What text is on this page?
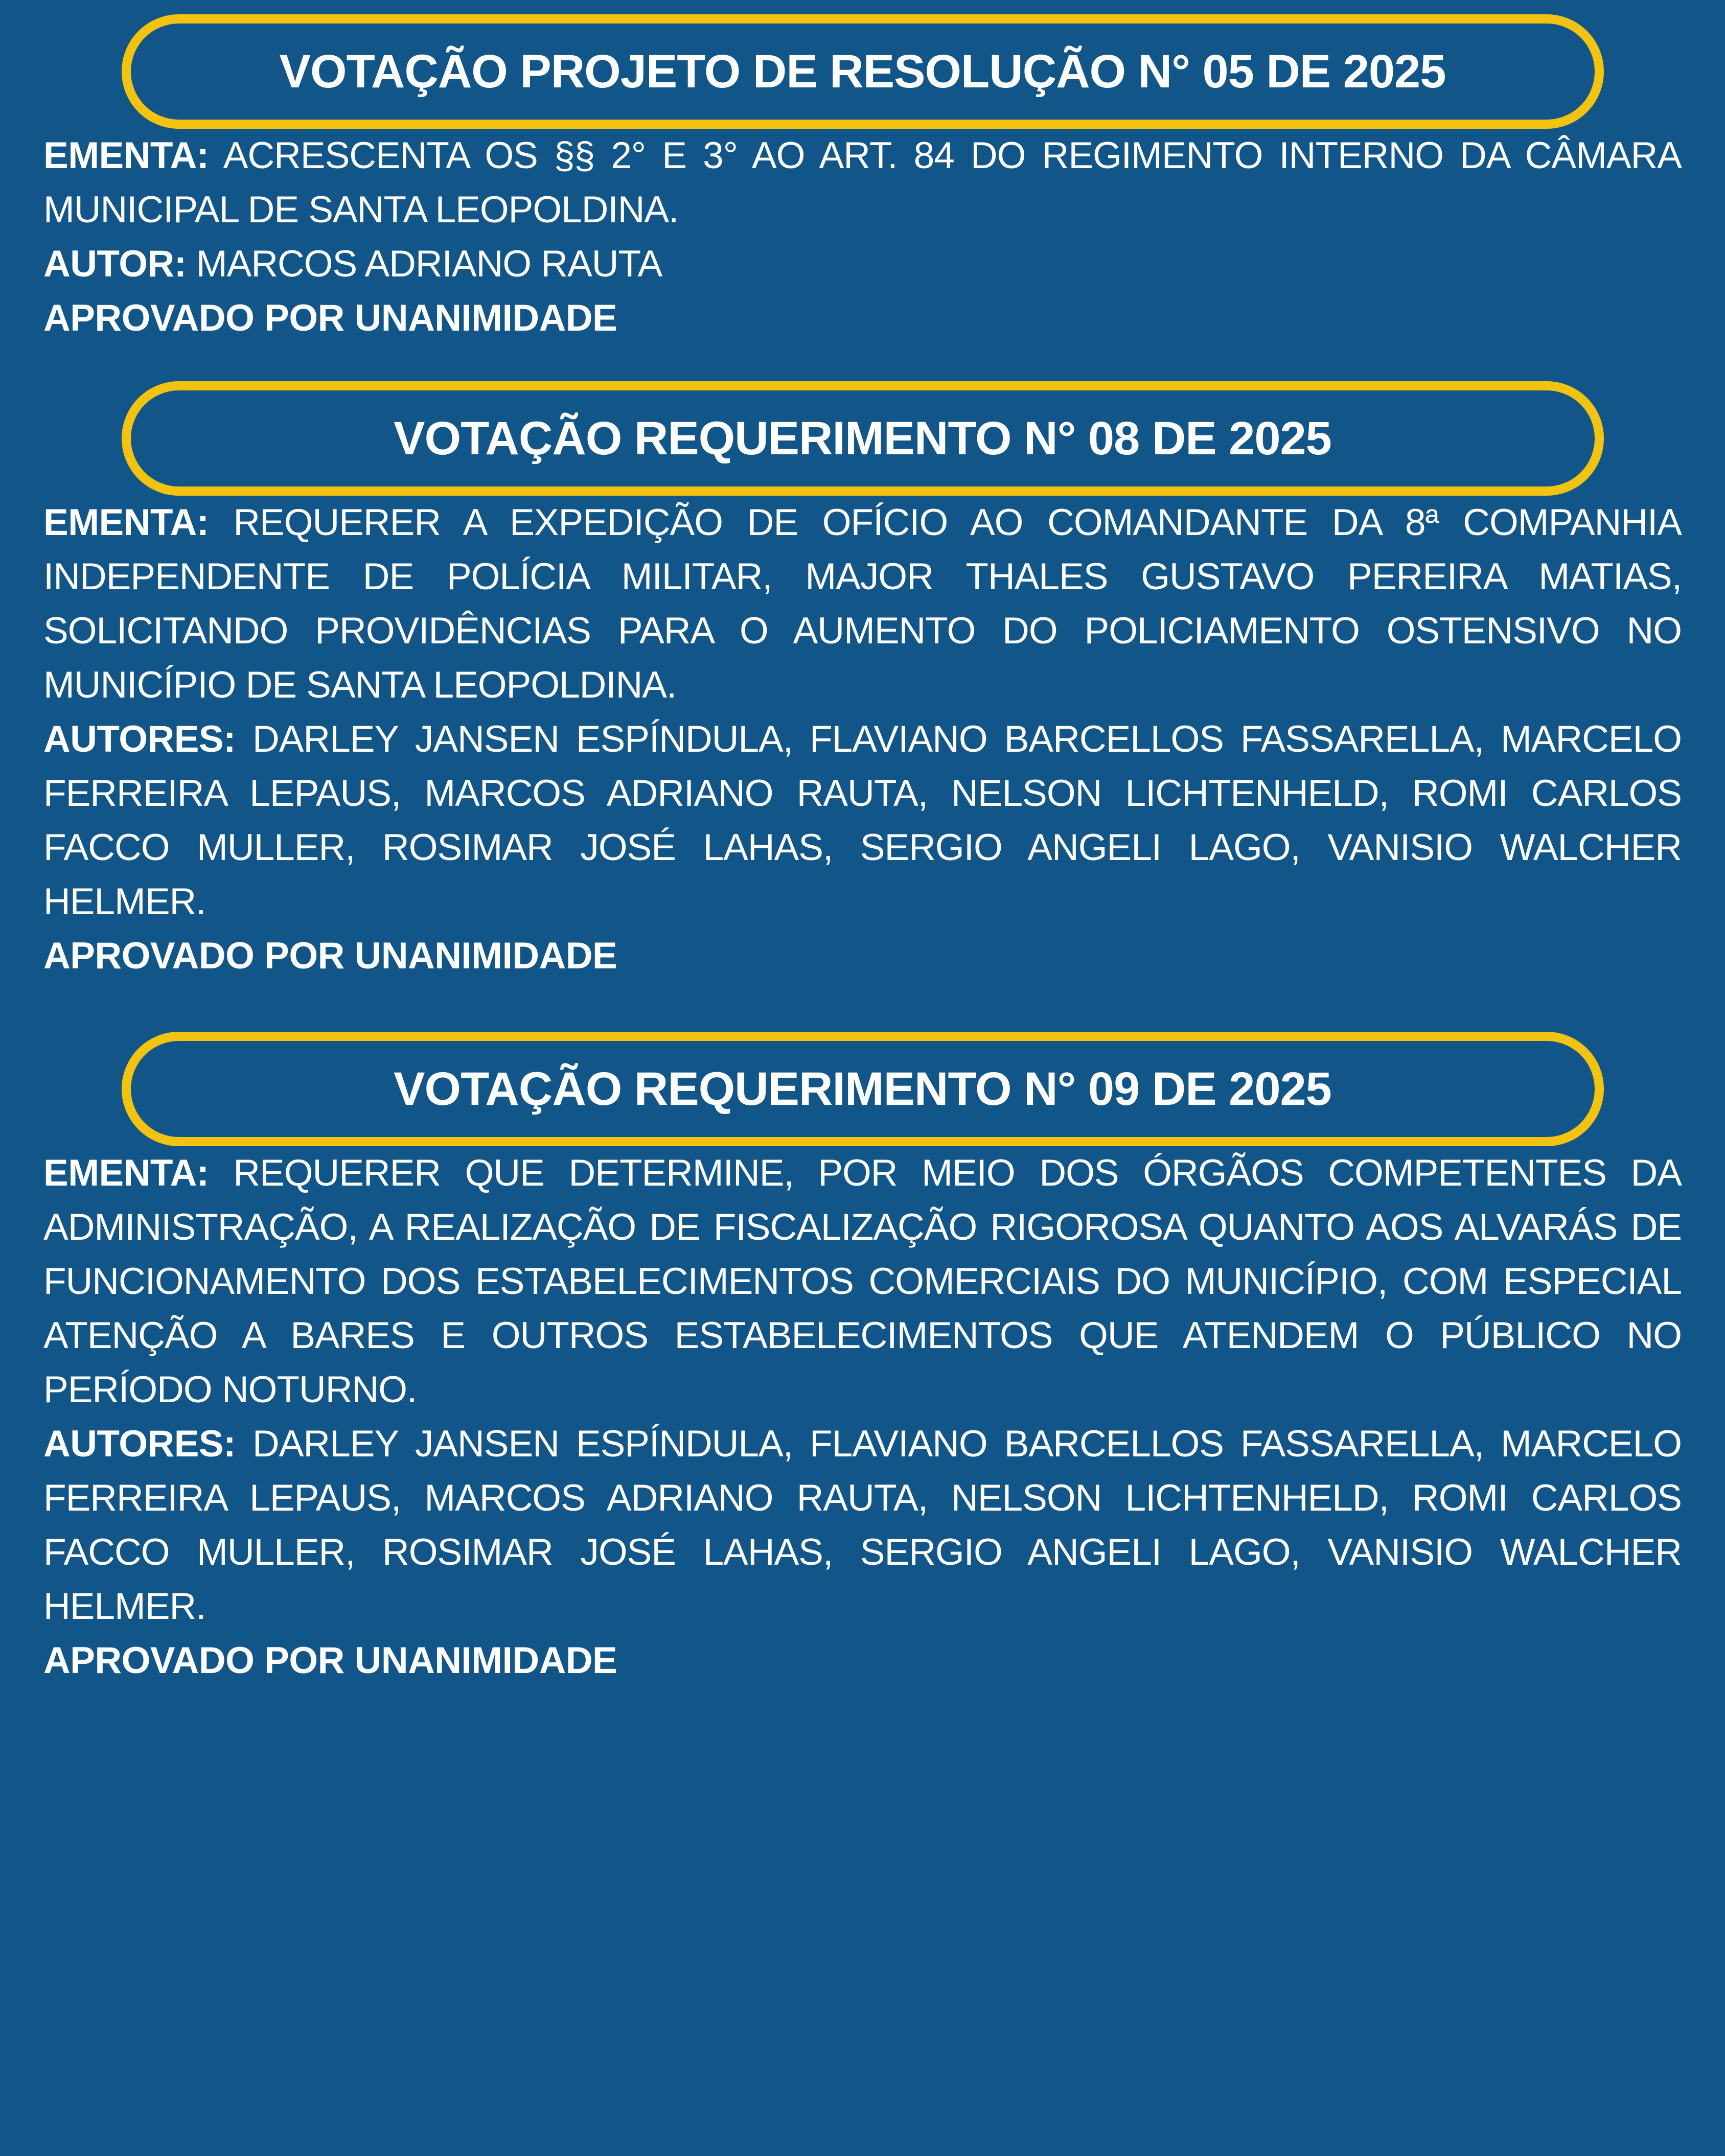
VOTAÇÃO PROJETO DE RESOLUÇÃO N° 05 DE 2025

EMENTA: ACRESCENTA OS §§ 2° E 3° AO ART. 84 DO REGIMENTO INTERNO DA CÂMARA MUNICIPAL DE SANTA LEOPOLDINA.

AUTOR: MARCOS ADRIANO RAUTA

APROVADO POR UNANIMIDADE

VOTAÇÃO REQUERIMENTO N° 08 DE 2025

EMENTA: REQUERER A EXPEDIÇÃO DE OFÍCIO AO COMANDANTE DA 8ª COMPANHIA INDEPENDENTE DE POLÍCIA MILITAR, MAJOR THALES GUSTAVO PEREIRA MATIAS, SOLICITANDO PROVIDÊNCIAS PARA O AUMENTO DO POLICIAMENTO OSTENSIVO NO MUNICÍPIO DE SANTA LEOPOLDINA.

AUTORES: DARLEY JANSEN ESPÍNDULA, FLAVIANO BARCELLOS FASSARELLA, MARCELO FERREIRA LEPAUS, MARCOS ADRIANO RAUTA, NELSON LICHTENHELD, ROMI CARLOS FACCO MULLER, ROSIMAR JOSÉ LAHAS, SERGIO ANGELI LAGO, VANISIO WALCHER HELMER.

APROVADO POR UNANIMIDADE

VOTAÇÃO REQUERIMENTO N° 09 DE 2025

EMENTA: REQUERER QUE DETERMINE, POR MEIO DOS ÓRGÃOS COMPETENTES DA ADMINISTRAÇÃO, A REALIZAÇÃO DE FISCALIZAÇÃO RIGOROSA QUANTO AOS ALVARÁS DE FUNCIONAMENTO DOS ESTABELECIMENTOS COMERCIAIS DO MUNICÍPIO, COM ESPECIAL ATENÇÃO A BARES E OUTROS ESTABELECIMENTOS QUE ATENDEM O PÚBLICO NO PERÍODO NOTURNO.

AUTORES: DARLEY JANSEN ESPÍNDULA, FLAVIANO BARCELLOS FASSARELLA, MARCELO FERREIRA LEPAUS, MARCOS ADRIANO RAUTA, NELSON LICHTENHELD, ROMI CARLOS FACCO MULLER, ROSIMAR JOSÉ LAHAS, SERGIO ANGELI LAGO, VANISIO WALCHER HELMER.

APROVADO POR UNANIMIDADE
